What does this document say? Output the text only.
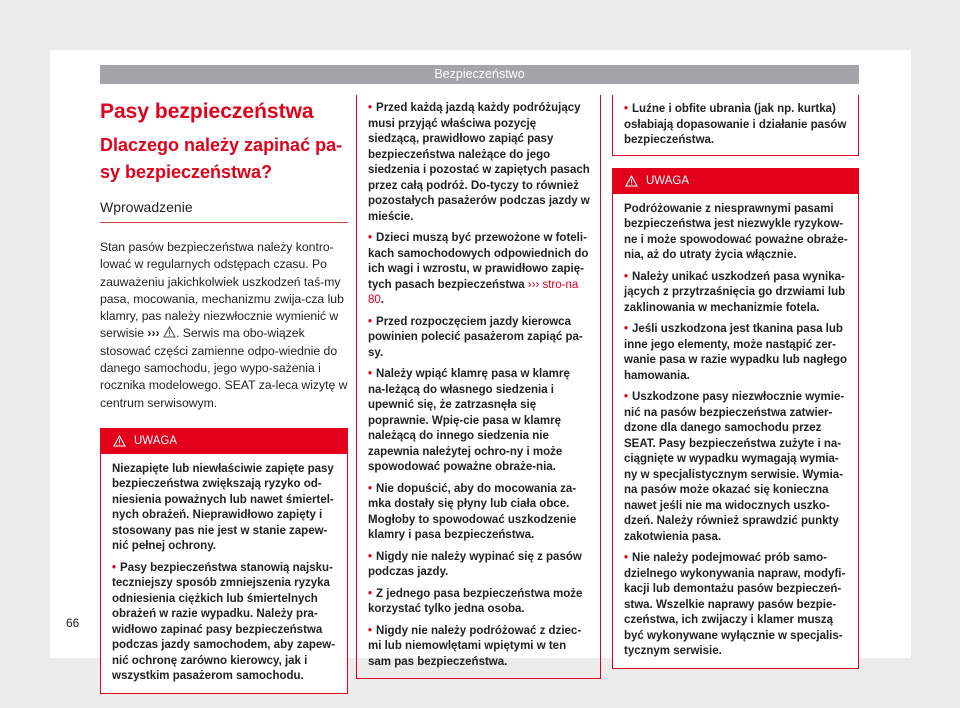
Bezpieczeństwo
Pasy bezpieczeństwa
Dlaczego należy zapinać pa-sy bezpieczeństwa?
Wprowadzenie

Stan pasów bezpieczeństwa należy kontro-lować w regularnych odstępach czasu. Po zauważeniu jakichkolwiek uszkodzeń taś-my pasa, mocowania, mechanizmu zwija-cza lub klamry, pas należy niezwłocznie wymienić w serwisie ››› . Serwis ma obo-wiązek stosować części zamienne odpo-wiednie do danego samochodu, jego wypo-sażenia i rocznika modelowego. SEAT za-leca wizytę w centrum serwisowym.

UWAGA

Niezapięte lub niewłaściwie zapięte pasy bezpieczeństwa zwiększają ryzyko od-niesienia poważnych lub nawet śmiertel-nych obrażeń. Nieprawidłowo zapięty i stosowany pas nie jest w stanie zapew-nić pełnej ochrony.

• Pasy bezpieczeństwa stanowią najsku-teczniejszy sposób zmniejszenia ryzyka odniesienia ciężkich lub śmiertelnych obrażeń w razie wypadku. Należy pra-widłowo zapinać pasy bezpieczeństwa podczas jazdy samochodem, aby zapew-nić ochronę zarówno kierowcy, jak i wszystkim pasażerom samochodu.

• Przed każdą jazdą każdy podróżujący musi przyjąć właściwa pozycję siedzącą, prawidłowo zapiąć pasy bezpieczeństwa należące do jego siedzenia i pozostać w zapiętych pasach przez całą podróż. Do-tyczy to również pozostałych pasażerów podczas jazdy w mieście.

• Dzieci muszą być przewożone w foteli-kach samochodowych odpowiednich do ich wagi i wzrostu, w prawidłowo zapię-tych pasach bezpieczeństwa ››› stro-na 80.

• Przed rozpoczęciem jazdy kierowca powinien polecić pasażerom zapiąć pa-sy.

• Należy wpiąć klamrę pasa w klamrę na-leżącą do własnego siedzenia i upewnić się, że zatrzasnęła się poprawnie. Wpię-cie pasa w klamrę należącą do innego siedzenia nie zapewnia należytej ochro-ny i może spowodować poważne obraże-nia.

• Nie dopuścić, aby do mocowania za-mka dostały się płyny lub ciała obce. Mogłoby to spowodować uszkodzenie klamry i pasa bezpieczeństwa.

• Nigdy nie należy wypinać się z pasów podczas jazdy.

• Z jednego pasa bezpieczeństwa może korzystać tylko jedna osoba.

• Nigdy nie należy podróżować z dziec-mi lub niemowlętami wpiętymi w ten sam pas bezpieczeństwa.

• Luźne i obfite ubrania (jak np. kurtka) osłabiają dopasowanie i działanie pasów bezpieczeństwa.

UWAGA

Podróżowanie z niesprawnymi pasami bezpieczeństwa jest niezwykle ryzykow-ne i może spowodować poważne obraże-nia, aż do utraty życia włącznie.

• Należy unikać uszkodzeń pasa wynika-jących z przytrzaśnięcia go drzwiami lub zaklinowania w mechanizmie fotela.

• Jeśli uszkodzona jest tkanina pasa lub inne jego elementy, może nastąpić zer-wanie pasa w razie wypadku lub nagłego hamowania.

• Uszkodzone pasy niezwłocznie wymie-nić na pasów bezpieczeństwa zatwier-dzone dla danego samochodu przez SEAT. Pasy bezpieczeństwa zużyte i na-ciągnięte w wypadku wymagają wymia-ny w specjalistycznym serwisie. Wymia-na pasów może okazać się konieczna nawet jeśli nie ma widocznych uszko-dzeń. Należy również sprawdzić punkty zakotwienia pasa.

• Nie należy podejmować prób samo-dzielnego wykonywania napraw, modyfi-kacji lub demontażu pasów bezpieczeń-stwa. Wszelkie naprawy pasów bezpie-czeństwa, ich zwijaczy i klamer muszą być wykonywane wyłącznie w specjalis-tycznym serwisie.

66
